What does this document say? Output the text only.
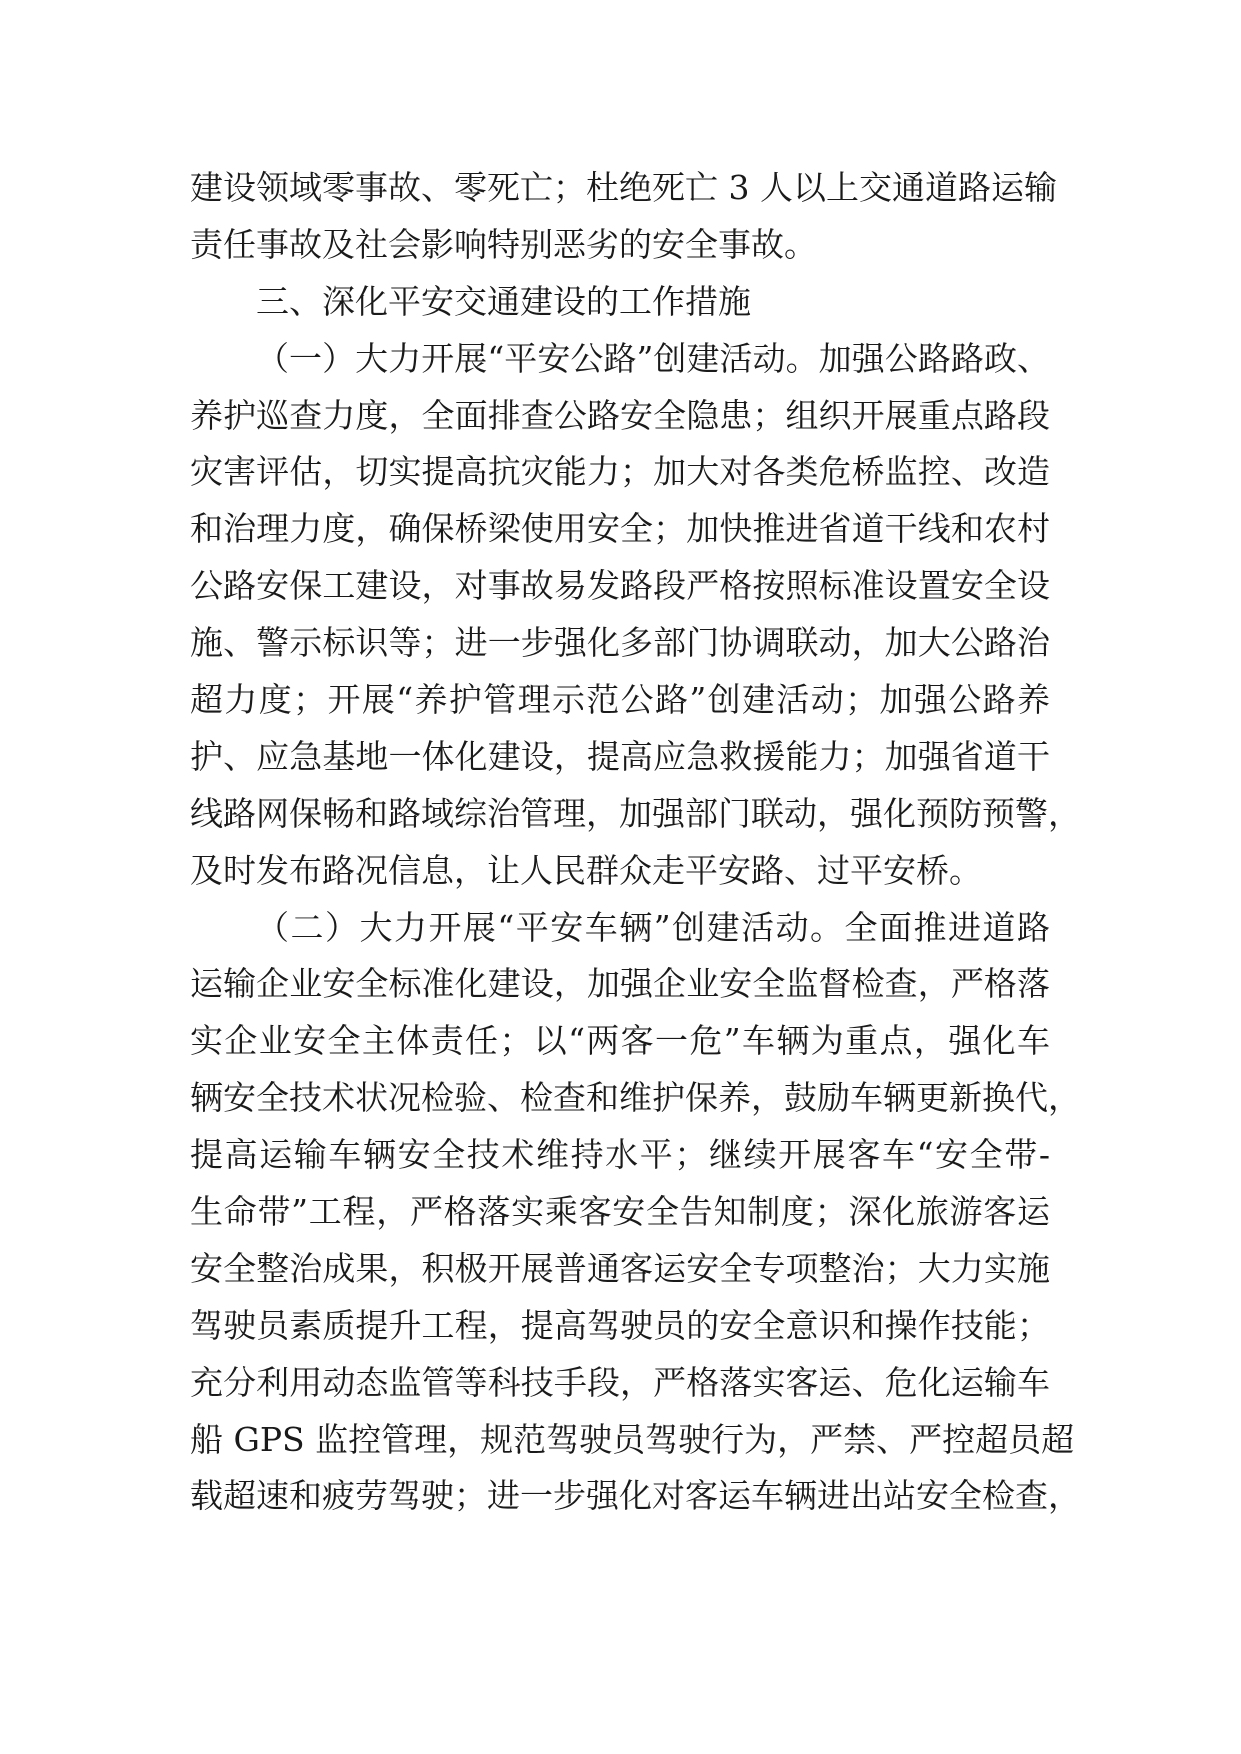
建设领域零事故、零死亡；杜绝死亡 3 人以上交通道路运输
责任事故及社会影响特别恶劣的安全事故。
三、深化平安交通建设的工作措施
（一）大力开展“平安公路”创建活动。加强公路路政、
养护巡查力度，全面排查公路安全隐患；组织开展重点路段
灾害评估，切实提高抗灾能力；加大对各类危桥监控、改造
和治理力度，确保桥梁使用安全；加快推进省道干线和农村
公路安保工建设，对事故易发路段严格按照标准设置安全设
施、警示标识等；进一步强化多部门协调联动，加大公路治
超力度；开展“养护管理示范公路”创建活动；加强公路养
护、应急基地一体化建设，提高应急救援能力；加强省道干
线路网保畅和路域综治管理，加强部门联动，强化预防预警，
及时发布路况信息，让人民群众走平安路、过平安桥。
（二）大力开展“平安车辆”创建活动。全面推进道路
运输企业安全标准化建设，加强企业安全监督检查，严格落
实企业安全主体责任；以“两客一危”车辆为重点，强化车
辆安全技术状况检验、检查和维护保养，鼓励车辆更新换代，
提高运输车辆安全技术维持水平；继续开展客车“安全带-
生命带”工程，严格落实乘客安全告知制度；深化旅游客运
安全整治成果，积极开展普通客运安全专项整治；大力实施
驾驶员素质提升工程，提高驾驶员的安全意识和操作技能；
充分利用动态监管等科技手段，严格落实客运、危化运输车
船 GPS 监控管理，规范驾驶员驾驶行为，严禁、严控超员超
载超速和疲劳驾驶；进一步强化对客运车辆进出站安全检查，
